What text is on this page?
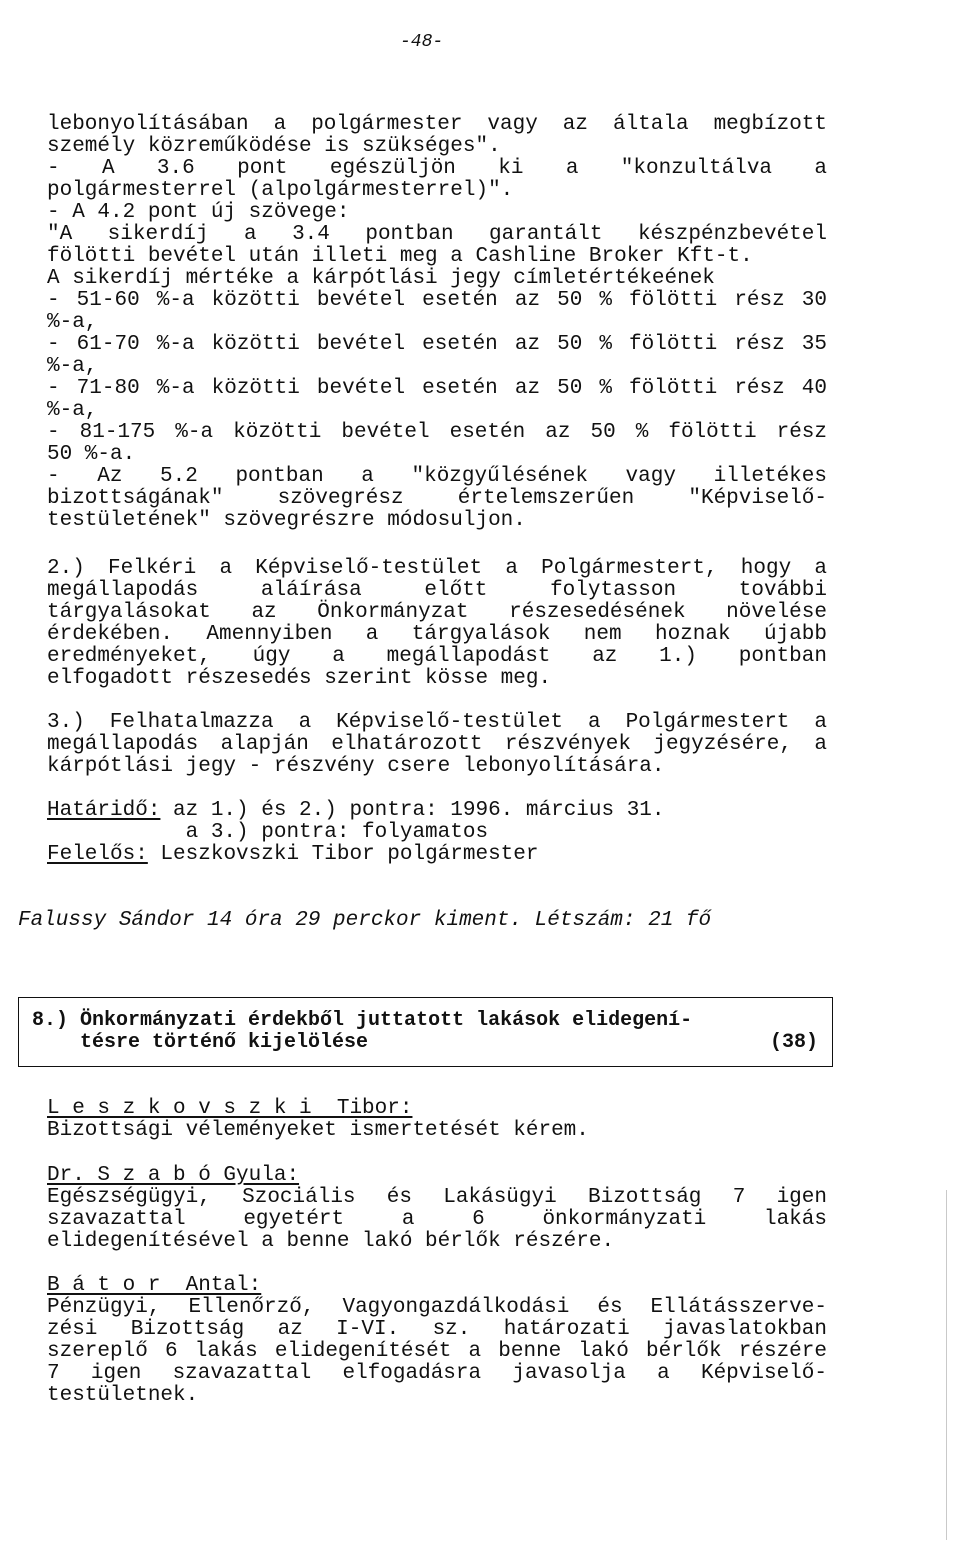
-48-
lebonyolításában a polgármester vagy az általa megbízott
személy közreműködése is szükséges".
- A 3.6 pont egészüljön ki a "konzultálva a
polgármesterrel (alpolgármesterrel)".
- A 4.2 pont új szövege:
"A sikerdíj a 3.4 pontban garantált készpénzbevétel
fölötti bevétel után illeti meg a Cashline Broker Kft-t.
A sikerdíj mértéke a kárpótlási jegy címletértékeének
- 51-60 %-a közötti bevétel esetén az 50 % fölötti rész 30
%-a,
- 61-70 %-a közötti bevétel esetén az 50 % fölötti rész 35
%-a,
- 71-80 %-a közötti bevétel esetén az 50 % fölötti rész 40
%-a,
- 81-175 %-a közötti bevétel esetén az 50 % fölötti rész
50 %-a.
- Az 5.2 pontban a "közgyűlésének vagy illetékes
bizottságának" szövegrész értelemszerűen "Képviselő-
testületének" szövegrészre módosuljon.
2.) Felkéri a Képviselő-testület a Polgármestert, hogy a
megállapodás aláírása előtt folytasson további
tárgyalásokat az Önkormányzat részesedésének növelése
érdekében. Amennyiben a tárgyalások nem hoznak újabb
eredményeket, úgy a megállapodást az 1.) pontban
elfogadott részesedés szerint kösse meg.
3.) Felhatalmazza a Képviselő-testület a Polgármestert a
megállapodás alapján elhatározott részvények jegyzésére, a
kárpótlási jegy - részvény csere lebonyolítására.
Határidő: az 1.) és 2.) pontra: 1996. március 31.
a 3.) pontra: folyamatos
Felelős: Leszkovszki Tibor polgármester
Falussy Sándor 14 óra 29 perckor kiment. Létszám: 21 fő
8.) Önkormányzati érdekből juttatott lakások elidegení-
tésre történő kijelölése	(38)
L e s z k o v s z k i  Tibor:
Bizottsági véleményeket ismertetését kérem.
Dr. S z a b ó Gyula:
Egészségügyi, Szociális és Lakásügyi Bizottság 7 igen
szavazattal egyetért a 6 önkormányzati lakás
elidegenítésével a benne lakó bérlők részére.
B á t o r  Antal:
Pénzügyi, Ellenőrző, Vagyongazdálkodási és Ellátásszerve-
zési Bizottság az I-VI. sz. határozati javaslatokban
szereplő 6 lakás elidegenítését a benne lakó bérlők részére
7 igen szavazattal elfogadásra javasolja a Képviselő-
testületnek.
